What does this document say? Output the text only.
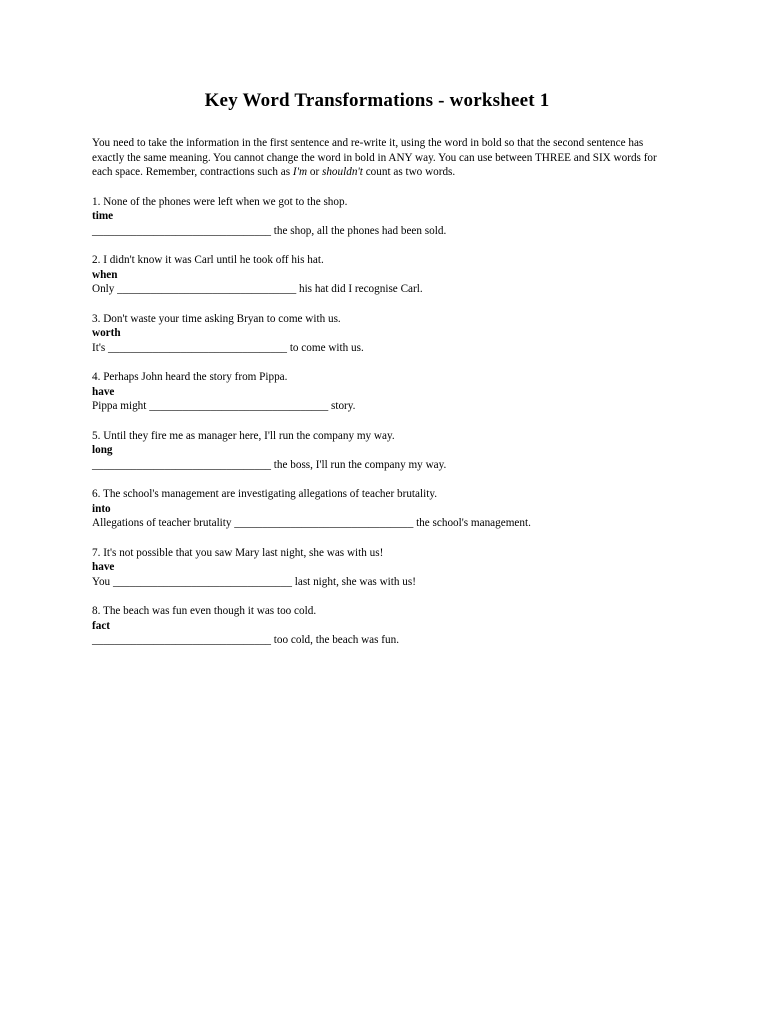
Key Word Transformations - worksheet 1

You need to take the information in the first sentence and re-write it, using the word in bold so that the second sentence has exactly the same meaning. You cannot change the word in bold in ANY way. You can use between THREE and SIX words for each space. Remember, contractions such as I'm or shouldn't count as two words.

1. None of the phones were left when we got to the shop.
time
________________________________ the shop, all the phones had been sold.
2. I didn't know it was Carl until he took off his hat.
when
Only ________________________________ his hat did I recognise Carl.
3. Don't waste your time asking Bryan to come with us.
worth
It's ________________________________ to come with us.
4. Perhaps John heard the story from Pippa.
have
Pippa might ________________________________ story.
5. Until they fire me as manager here, I'll run the company my way.
long
________________________________ the boss, I'll run the company my way.
6. The school's management are investigating allegations of teacher brutality.
into
Allegations of teacher brutality ________________________________ the school's management.
7. It's not possible that you saw Mary last night, she was with us!
have
You ________________________________ last night, she was with us!
8. The beach was fun even though it was too cold.
fact
________________________________ too cold, the beach was fun.
